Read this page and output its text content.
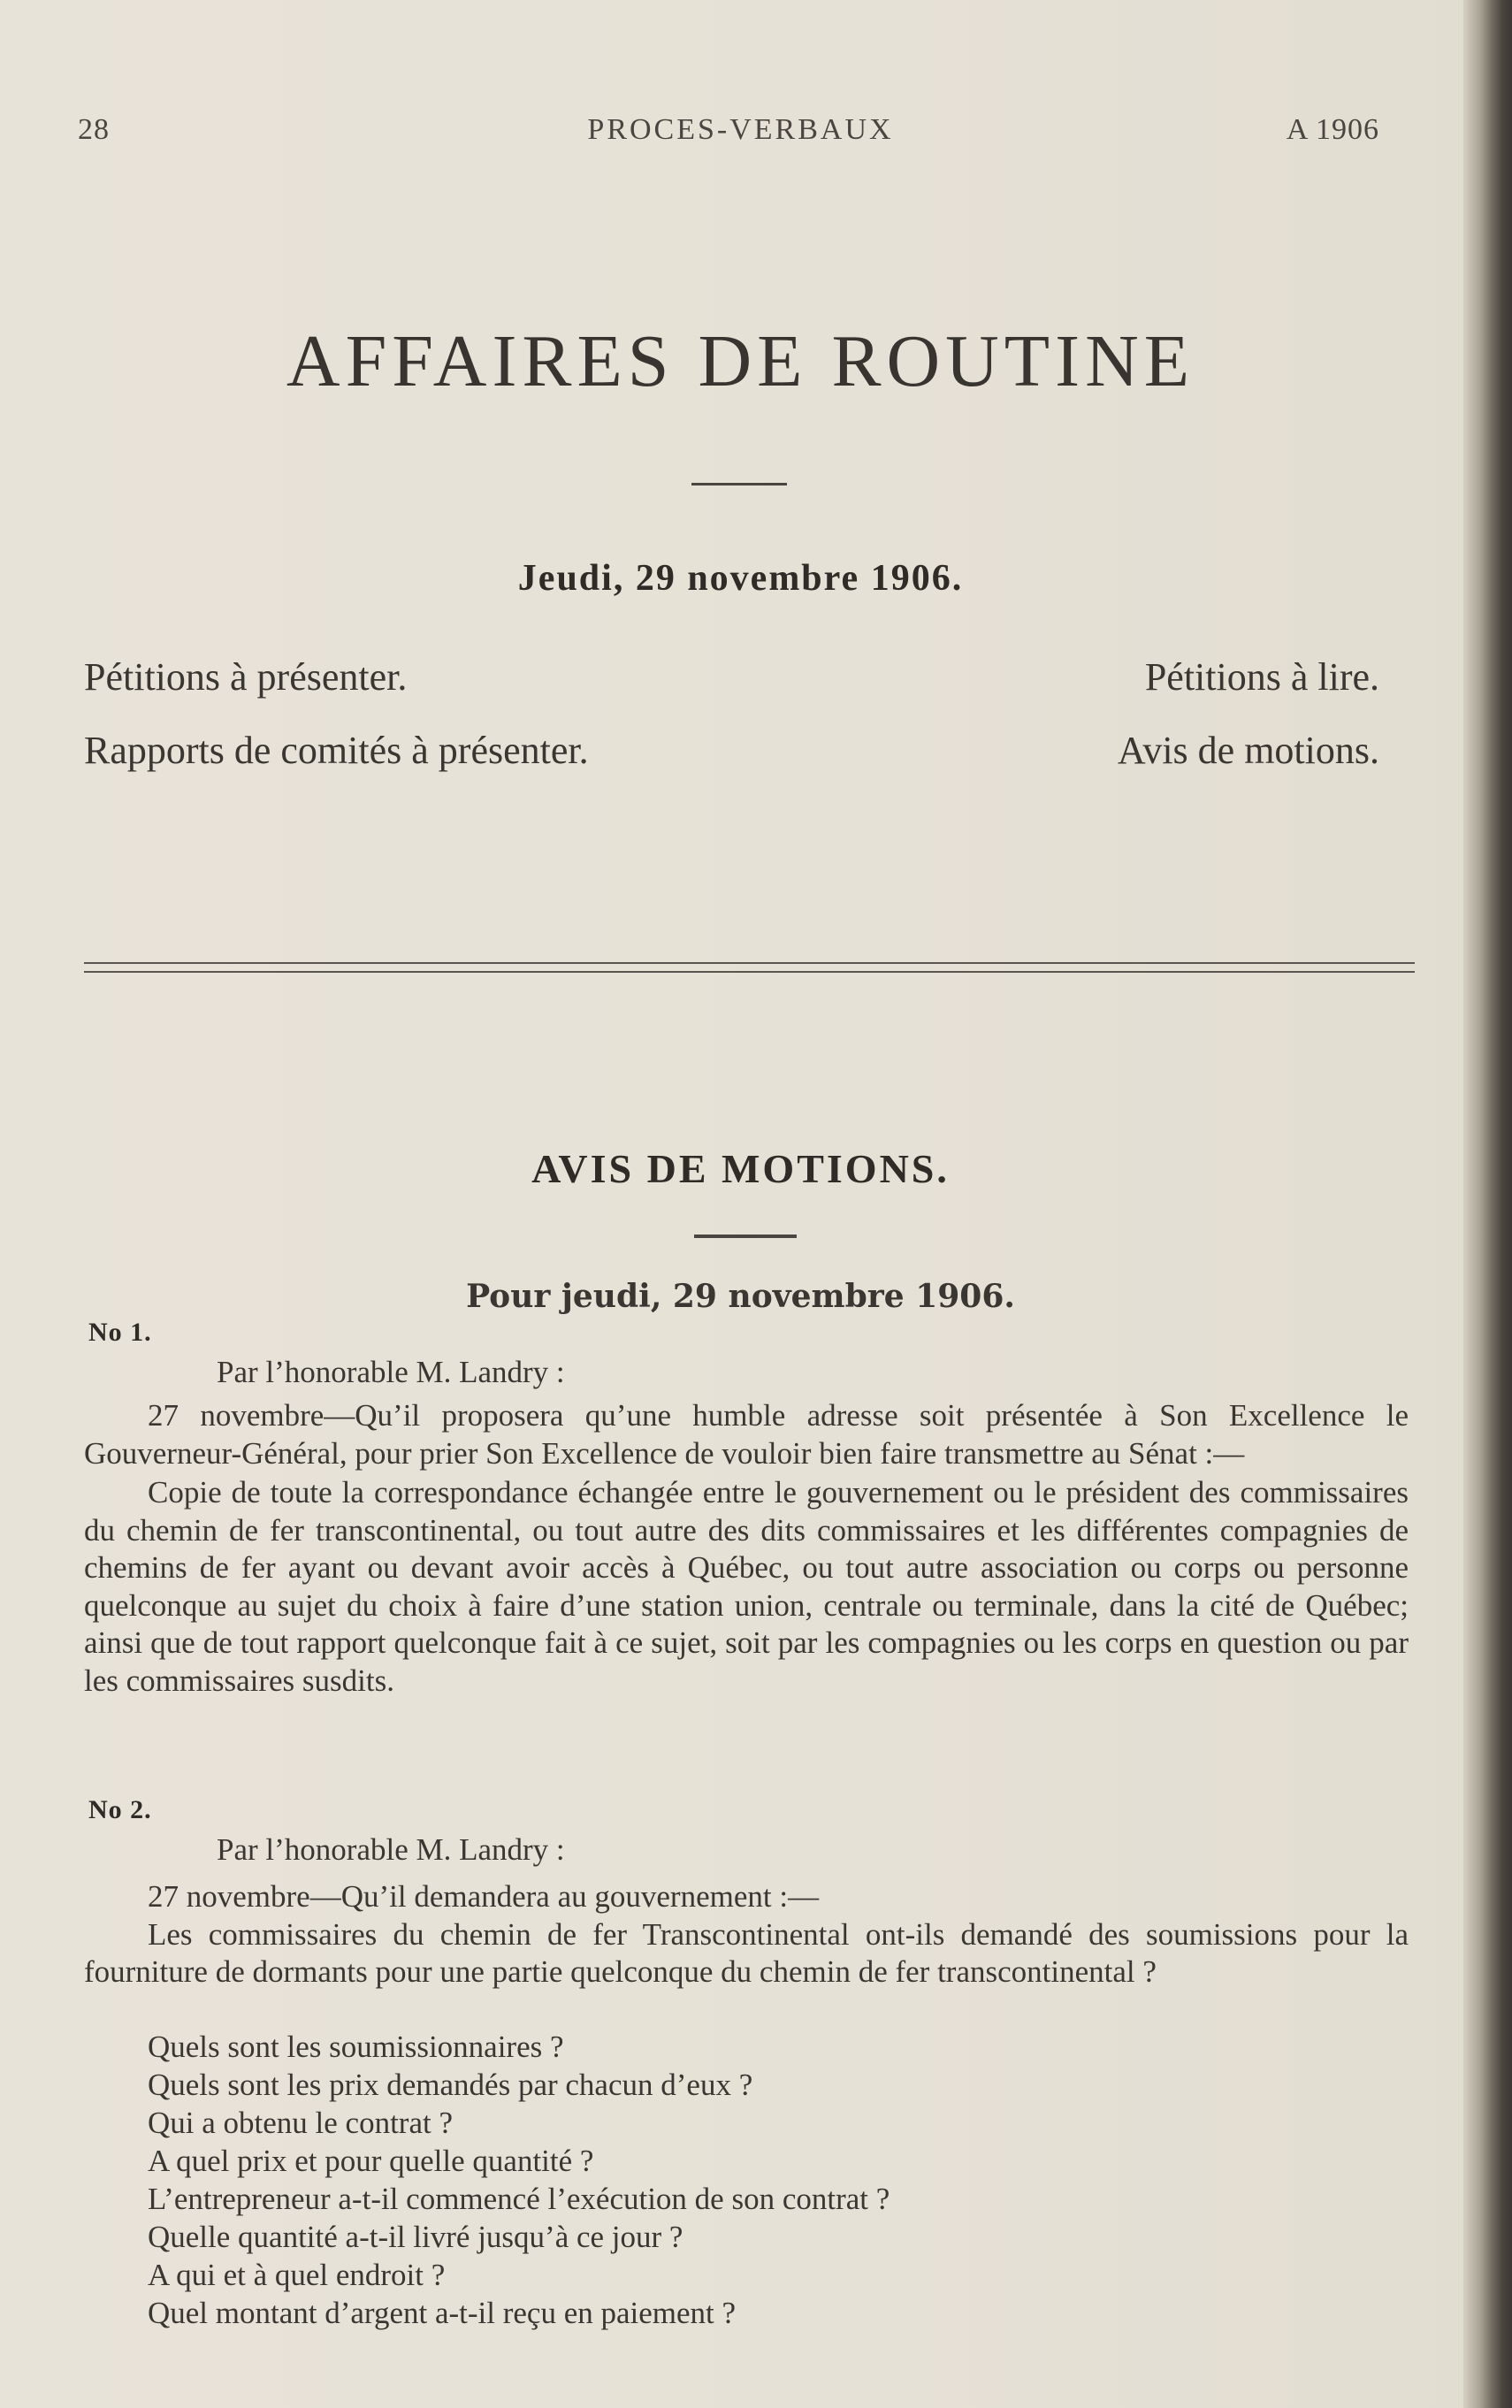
28	PROCES-VERBAUX	A 1906
AFFAIRES DE ROUTINE
Jeudi, 29 novembre 1906.
Pétitions à présenter.	Pétitions à lire.
Rapports de comités à présenter.	Avis de motions.
AVIS DE MOTIONS.
Pour jeudi, 29 novembre 1906.
No 1.
Par l’honorable M. Landry :

27 novembre—Qu’il proposera qu’une humble adresse soit présentée à Son Excellence le Gouverneur-Général, pour prier Son Excellence de vouloir bien faire transmettre au Sénat :—

Copie de toute la correspondance échangée entre le gouvernement ou le président des commissaires du chemin de fer transcontinental, ou tout autre des dits commissaires et les différentes compagnies de chemins de fer ayant ou devant avoir accès à Québec, ou tout autre association ou corps ou personne quelconque au sujet du choix à faire d’une station union, centrale ou terminale, dans la cité de Québec; ainsi que de tout rapport quelconque fait à ce sujet, soit par les compagnies ou les corps en question ou par les commissaires susdits.

No 2.
Par l’honorable M. Landry :

27 novembre—Qu’il demandera au gouvernement :—

Les commissaires du chemin de fer Transcontinental ont-ils demandé des soumissions pour la fourniture de dormants pour une partie quelconque du chemin de fer transcontinental ?

Quels sont les soumissionnaires ?
Quels sont les prix demandés par chacun d’eux ?
Qui a obtenu le contrat ?
A quel prix et pour quelle quantité ?
L’entrepreneur a-t-il commencé l’exécution de son contrat ?
Quelle quantité a-t-il livré jusqu’à ce jour ?
A qui et à quel endroit ?
Quel montant d’argent a-t-il reçu en paiement ?
